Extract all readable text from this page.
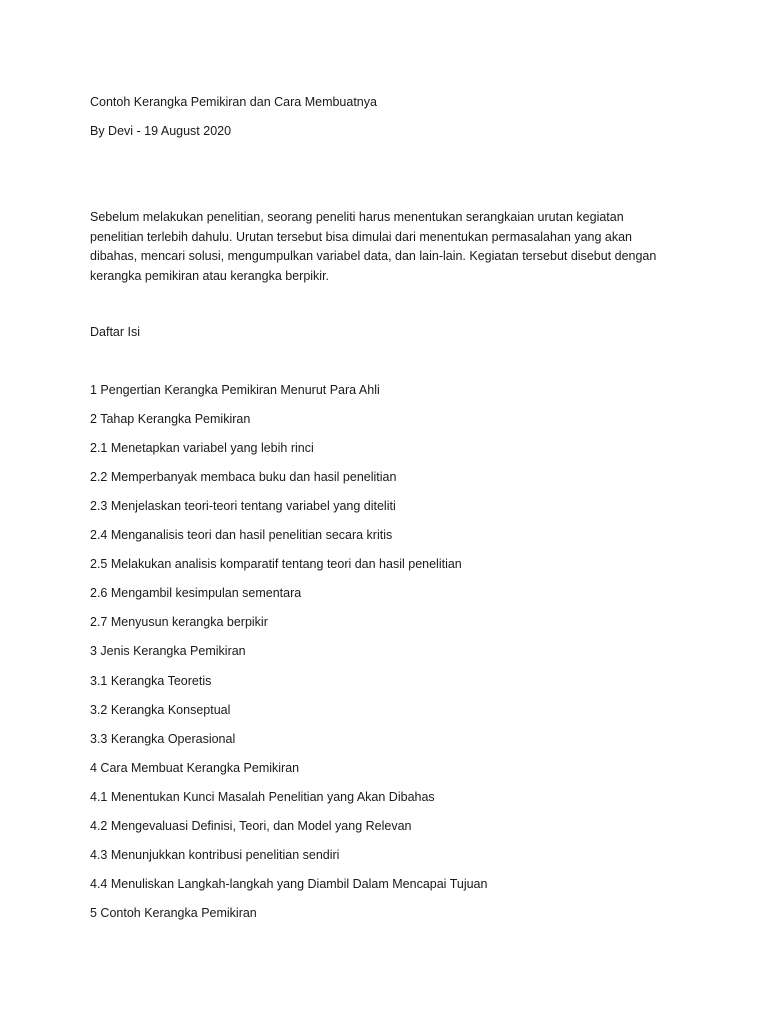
Contoh Kerangka Pemikiran dan Cara Membuatnya
By Devi - 19 August 2020
Sebelum melakukan penelitian, seorang peneliti harus menentukan serangkaian urutan kegiatan
penelitian terlebih dahulu. Urutan tersebut bisa dimulai dari menentukan permasalahan yang akan
dibahas, mencari solusi, mengumpulkan variabel data, dan lain-lain. Kegiatan tersebut disebut dengan
kerangka pemikiran atau kerangka berpikir.
Daftar Isi
1 Pengertian Kerangka Pemikiran Menurut Para Ahli
2 Tahap Kerangka Pemikiran
2.1 Menetapkan variabel yang lebih rinci
2.2 Memperbanyak membaca buku dan hasil penelitian
2.3 Menjelaskan teori-teori tentang variabel yang diteliti
2.4 Menganalisis teori dan hasil penelitian secara kritis
2.5 Melakukan analisis komparatif tentang teori dan hasil penelitian
2.6 Mengambil kesimpulan sementara
2.7 Menyusun kerangka berpikir
3 Jenis Kerangka Pemikiran
3.1 Kerangka Teoretis
3.2 Kerangka Konseptual
3.3 Kerangka Operasional
4 Cara Membuat Kerangka Pemikiran
4.1 Menentukan Kunci Masalah Penelitian yang Akan Dibahas
4.2 Mengevaluasi Definisi, Teori, dan Model yang Relevan
4.3 Menunjukkan kontribusi penelitian sendiri
4.4 Menuliskan Langkah-langkah yang Diambil Dalam Mencapai Tujuan
5 Contoh Kerangka Pemikiran
